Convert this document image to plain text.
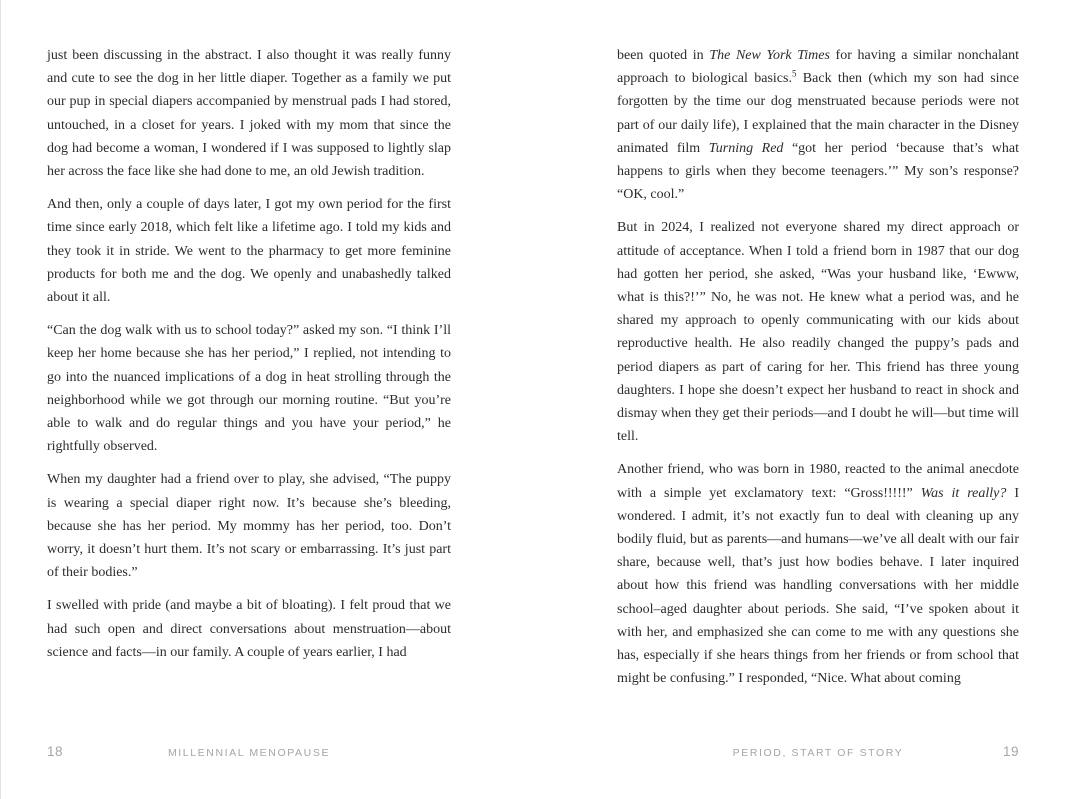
just been discussing in the abstract. I also thought it was really funny and cute to see the dog in her little diaper. Together as a family we put our pup in special diapers accompanied by menstrual pads I had stored, untouched, in a closet for years. I joked with my mom that since the dog had become a woman, I wondered if I was supposed to lightly slap her across the face like she had done to me, an old Jewish tradition.

And then, only a couple of days later, I got my own period for the first time since early 2018, which felt like a lifetime ago. I told my kids and they took it in stride. We went to the pharmacy to get more feminine products for both me and the dog. We openly and unabashedly talked about it all.

“Can the dog walk with us to school today?” asked my son. “I think I’ll keep her home because she has her period,” I replied, not intending to go into the nuanced implications of a dog in heat strolling through the neighborhood while we got through our morning routine. “But you’re able to walk and do regular things and you have your period,” he rightfully observed.

When my daughter had a friend over to play, she advised, “The puppy is wearing a special diaper right now. It’s because she’s bleeding, because she has her period. My mommy has her period, too. Don’t worry, it doesn’t hurt them. It’s not scary or embarrassing. It’s just part of their bodies.”

I swelled with pride (and maybe a bit of bloating). I felt proud that we had such open and direct conversations about menstruation—about science and facts—in our family. A couple of years earlier, I had

18	MILLENNIAL MENOPAUSE

been quoted in The New York Times for having a similar nonchalant approach to biological basics.$^5$ Back then (which my son had since forgotten by the time our dog menstruated because periods were not part of our daily life), I explained that the main character in the Disney animated film Turning Red “got her period ‘because that’s what happens to girls when they become teenagers.’” My son’s response? “OK, cool.”

But in 2024, I realized not everyone shared my direct approach or attitude of acceptance. When I told a friend born in 1987 that our dog had gotten her period, she asked, “Was your husband like, ‘Ewww, what is this?!’” No, he was not. He knew what a period was, and he shared my approach to openly communicating with our kids about reproductive health. He also readily changed the puppy’s pads and period diapers as part of caring for her. This friend has three young daughters. I hope she doesn’t expect her husband to react in shock and dismay when they get their periods—and I doubt he will—but time will tell.

Another friend, who was born in 1980, reacted to the animal anecdote with a simple yet exclamatory text: “Gross!!!!!” Was it really? I wondered. I admit, it’s not exactly fun to deal with cleaning up any bodily fluid, but as parents—and humans—we’ve all dealt with our fair share, because well, that’s just how bodies behave. I later inquired about how this friend was handling conversations with her middle school–aged daughter about periods. She said, “I’ve spoken about it with her, and emphasized she can come to me with any questions she has, especially if she hears things from her friends or from school that might be confusing.” I responded, “Nice. What about coming

PERIOD, START OF STORY	19
